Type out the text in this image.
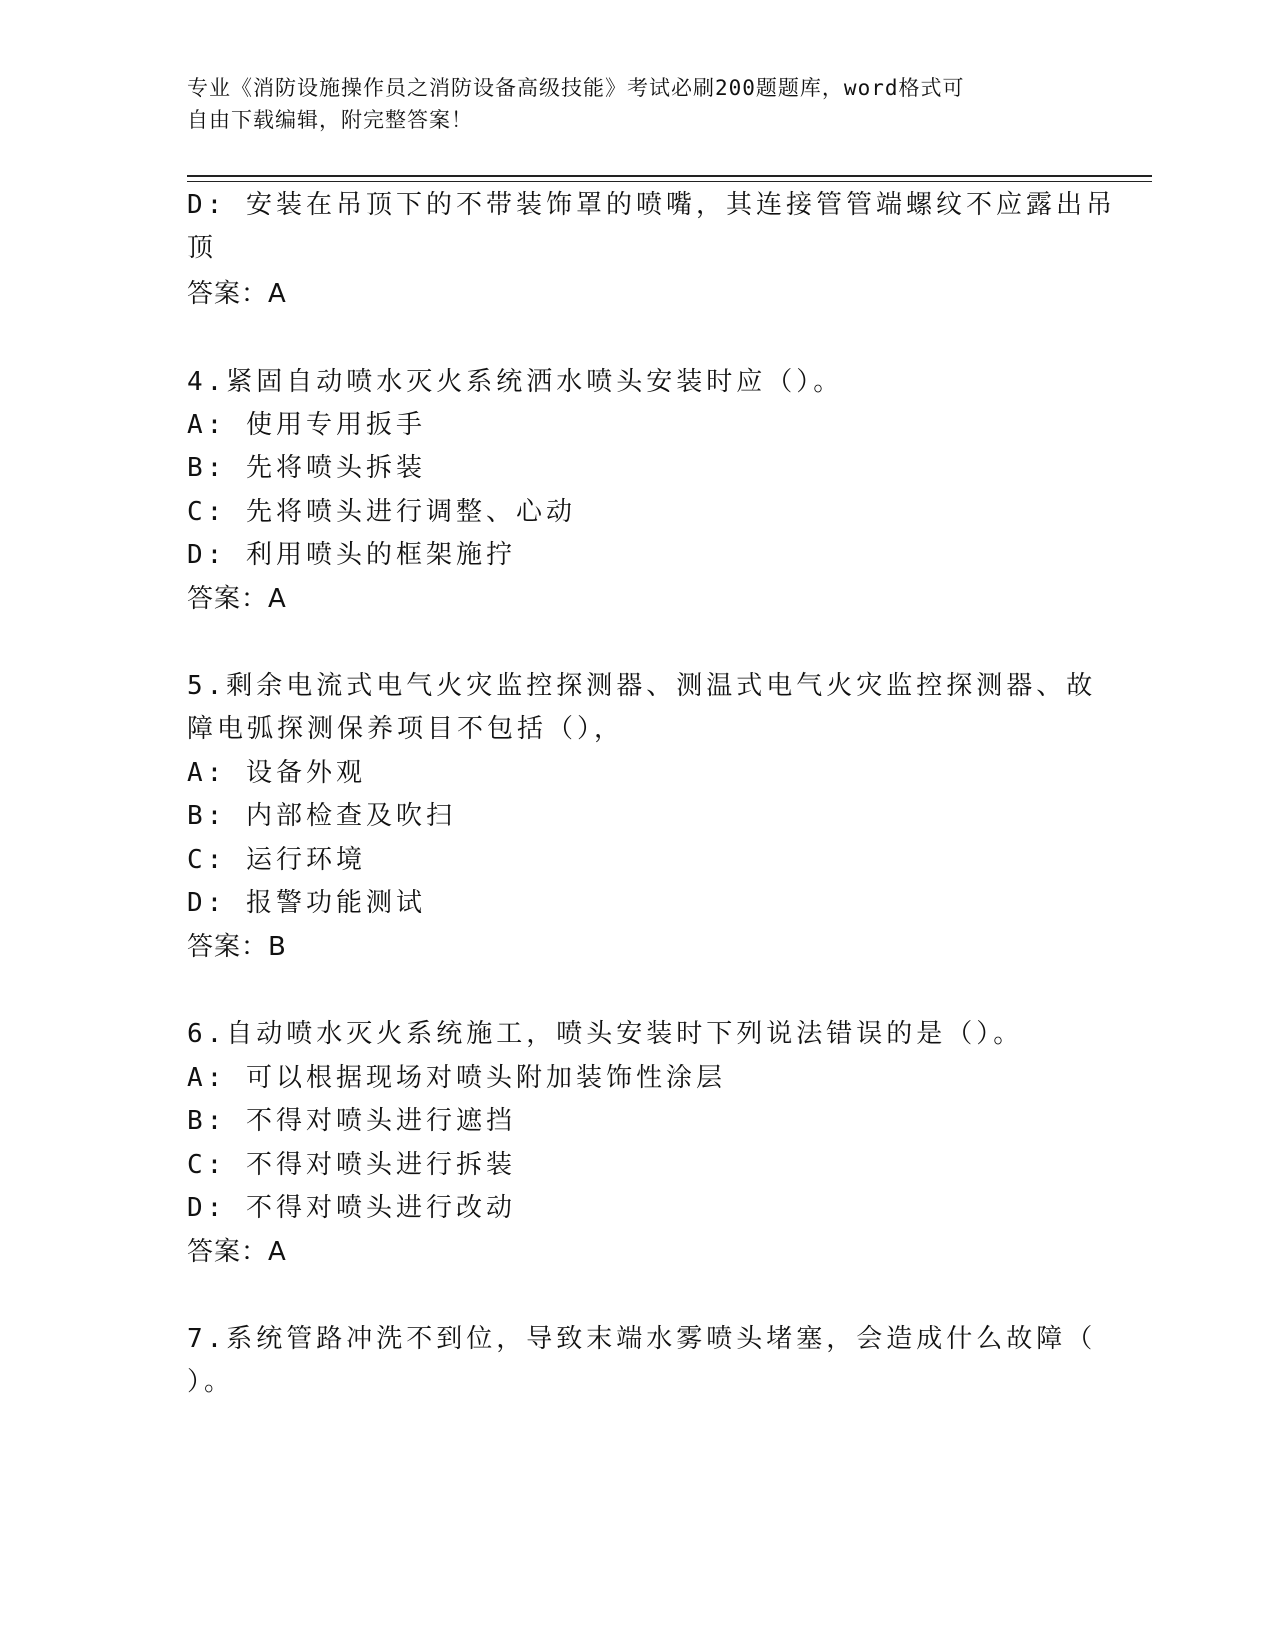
专业《消防设施操作员之消防设备高级技能》考试必刷200题题库，word格式可
自由下载编辑，附完整答案！
D: 安装在吊顶下的不带装饰罩的喷嘴，其连接管管端螺纹不应露出吊
顶
答案：A
4.紧固自动喷水灭火系统洒水喷头安装时应（）。
A: 使用专用扳手
B: 先将喷头拆装
C: 先将喷头进行调整、心动
D: 利用喷头的框架施拧
答案：A
5.剩余电流式电气火灾监控探测器、测温式电气火灾监控探测器、故
障电弧探测保养项目不包括（），
A: 设备外观
B: 内部检查及吹扫
C: 运行环境
D: 报警功能测试
答案：B
6.自动喷水灭火系统施工，喷头安装时下列说法错误的是（）。
A: 可以根据现场对喷头附加装饰性涂层
B: 不得对喷头进行遮挡
C: 不得对喷头进行拆装
D: 不得对喷头进行改动
答案：A
7.系统管路冲洗不到位，导致末端水雾喷头堵塞，会造成什么故障（
）。
